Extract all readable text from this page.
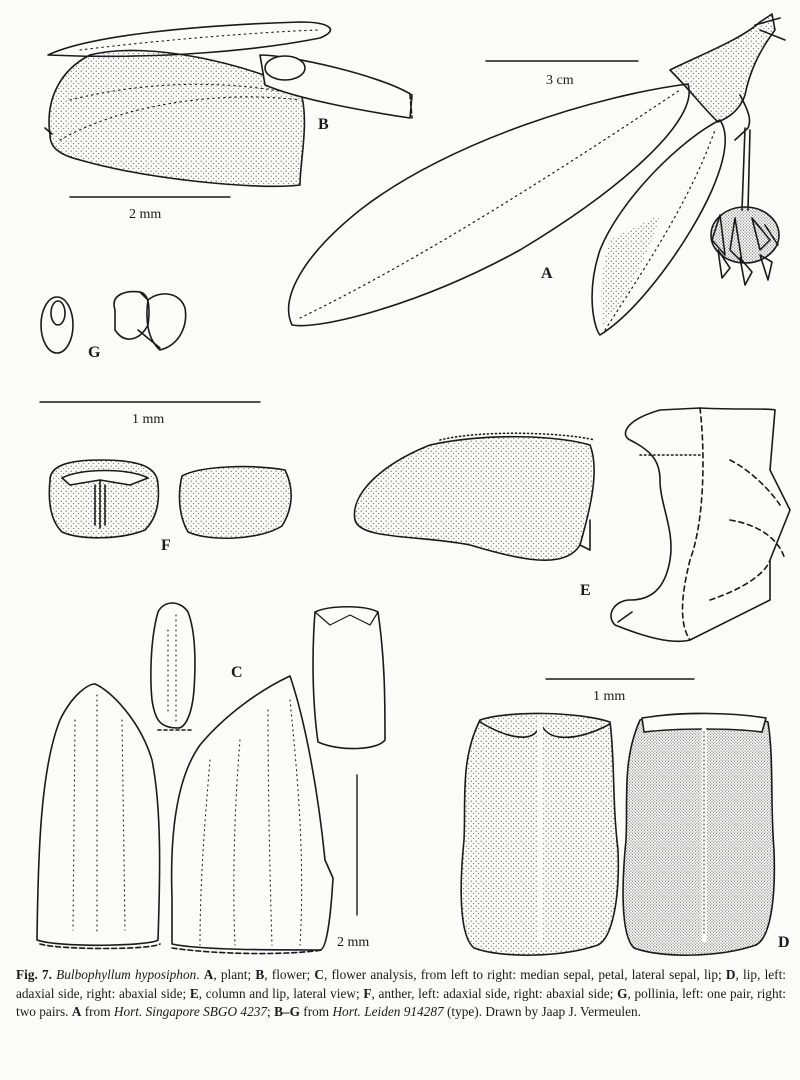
A
B
C
D
E
F
G
3 cm
2 mm
1 mm
2 mm
1 mm
Fig. 7. Bulbophyllum hyposiphon. A, plant; B, flower; C, flower analysis, from left to right: median sepal, petal, lateral sepal, lip; D, lip, left: adaxial side, right: abaxial side; E, column and lip, lateral view; F, anther, left: adaxial side, right: abaxial side; G, pollinia, left: one pair, right: two pairs. A from Hort. Singapore SBGO 4237; B–G from Hort. Leiden 914287 (type). Drawn by Jaap J. Vermeulen.
